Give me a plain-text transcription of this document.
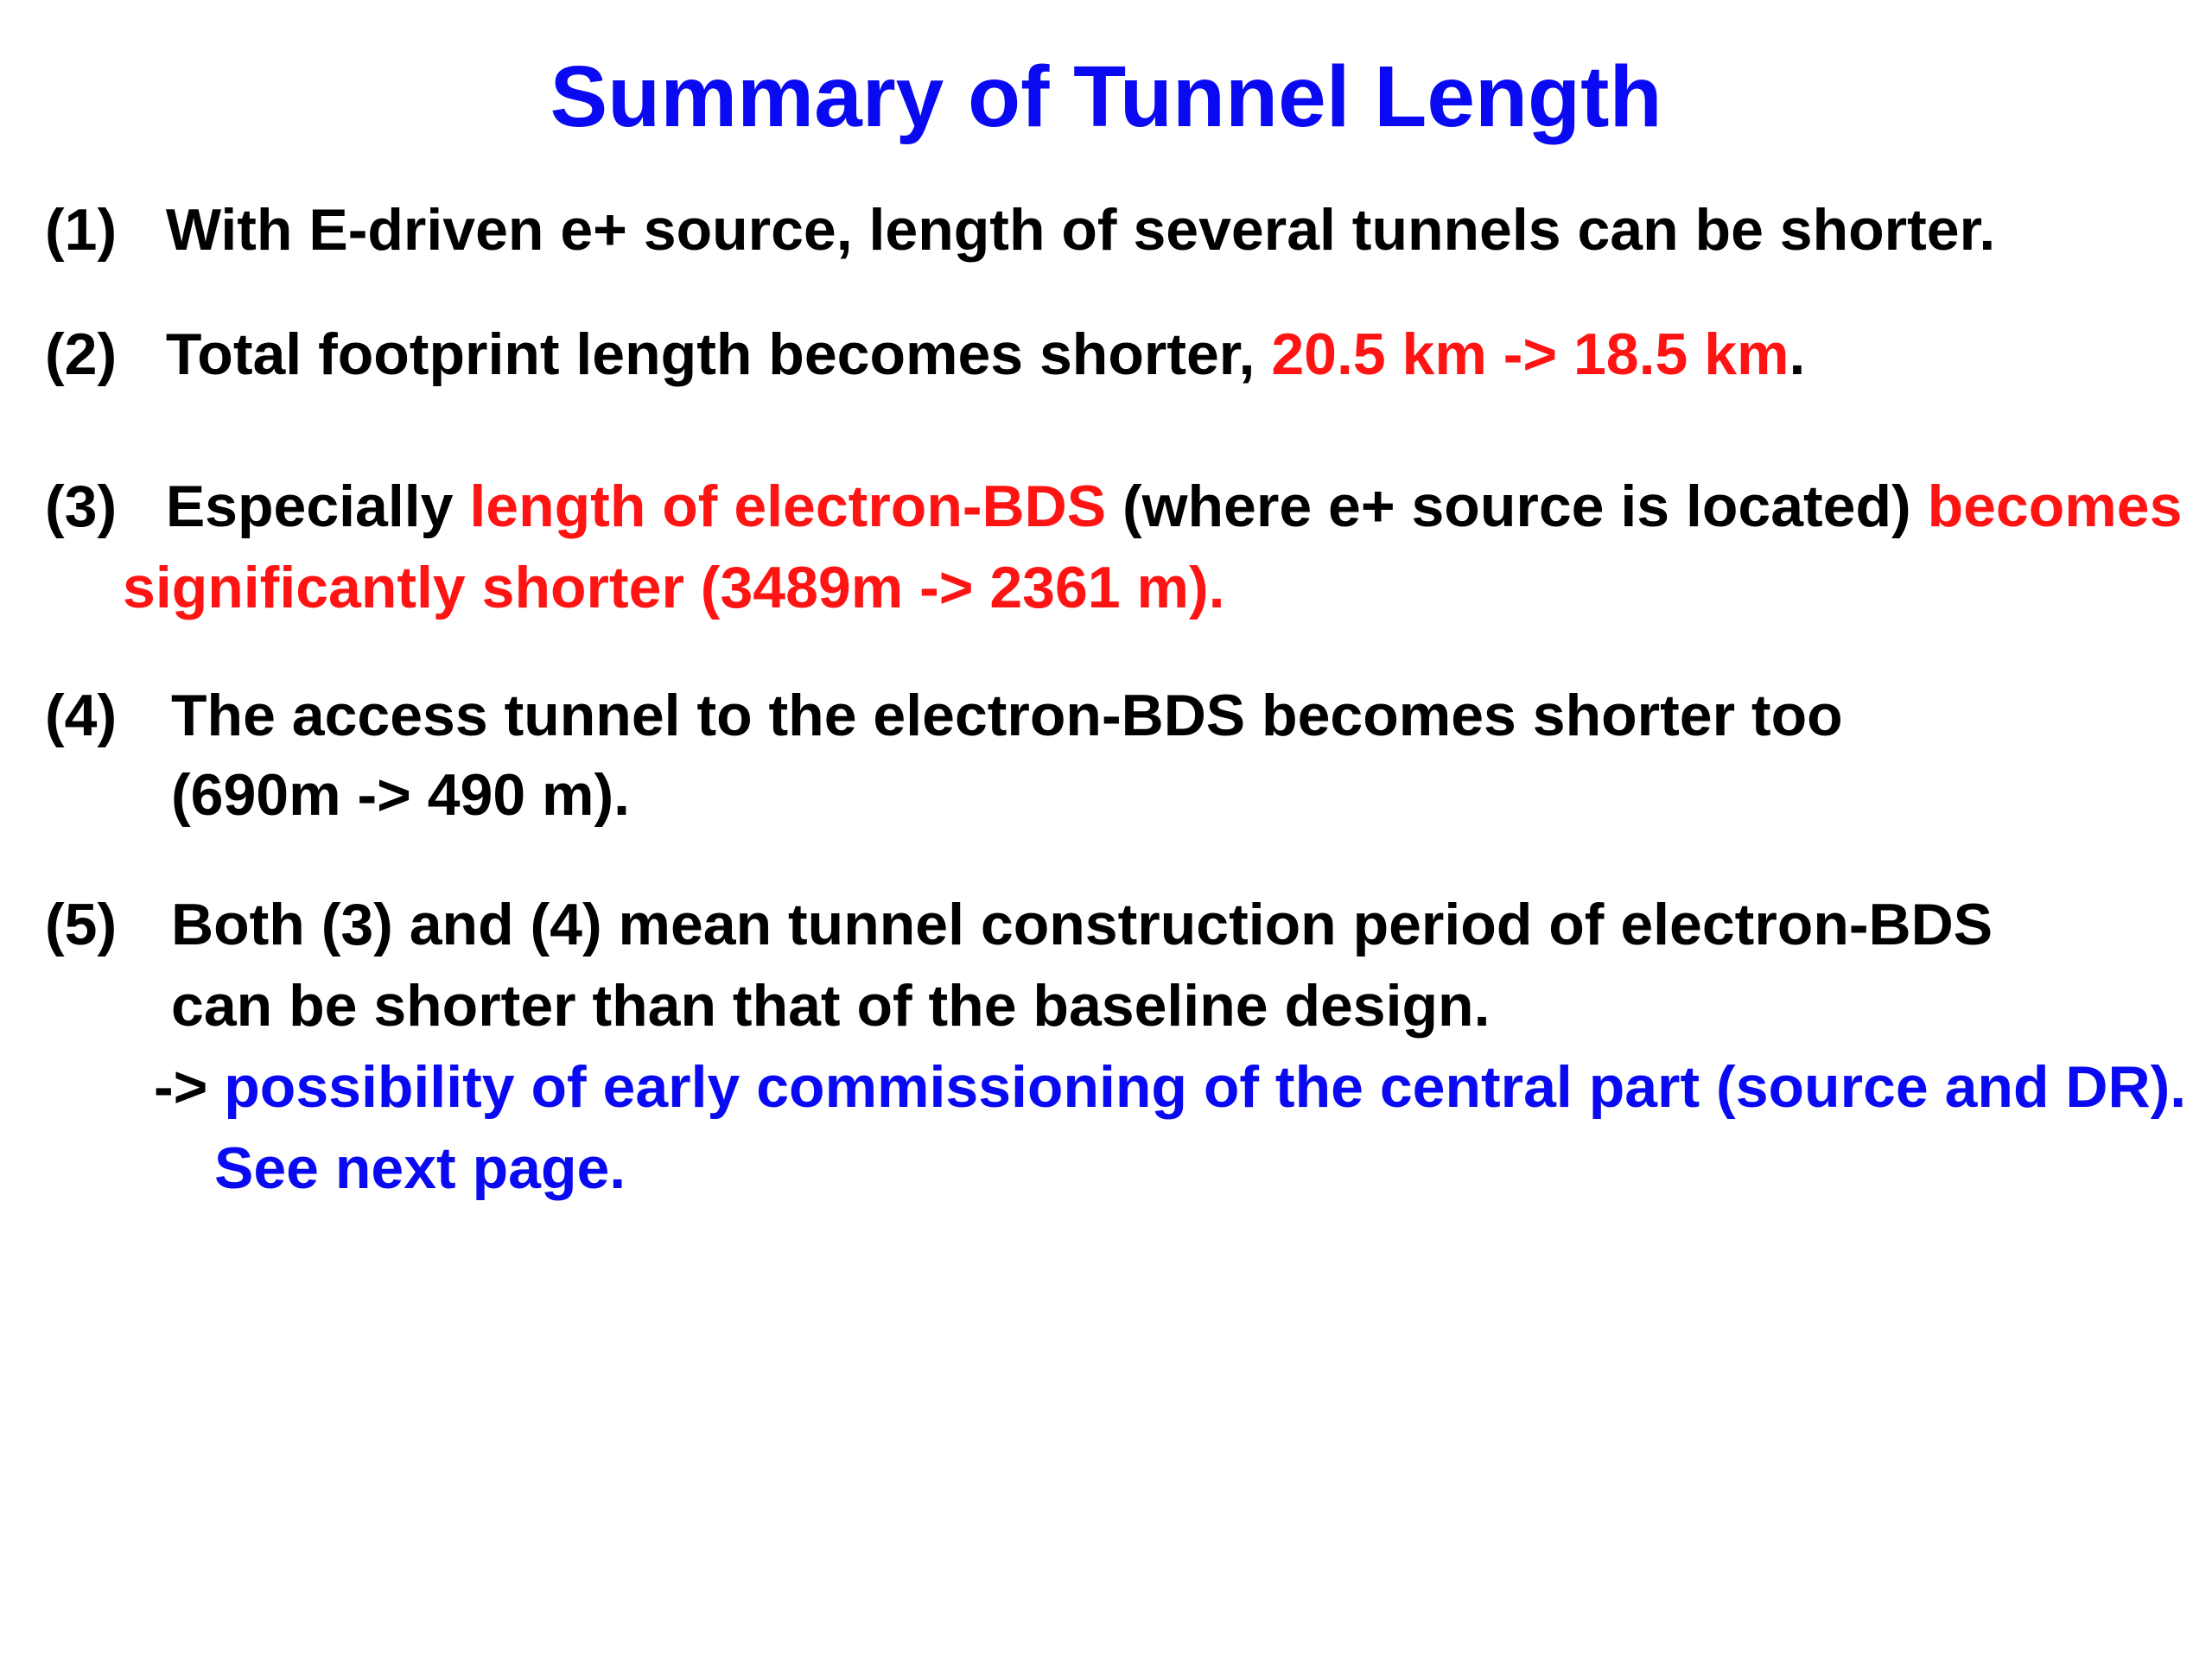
Summary of Tunnel Length
(1) With E-driven e+ source, length of several tunnels can be shorter.
(2) Total footprint length becomes shorter, 20.5 km -> 18.5 km.
(3) Especially length of electron-BDS (where e+ source is located) becomes
significantly shorter (3489m -> 2361 m).
(4) The access tunnel to the electron-BDS becomes shorter too
(690m -> 490 m).
(5) Both (3) and (4) mean tunnel construction period of electron-BDS
can be shorter than that of the baseline design.
-> possibility of early commissioning of the central part (source and DR).
See next page.
